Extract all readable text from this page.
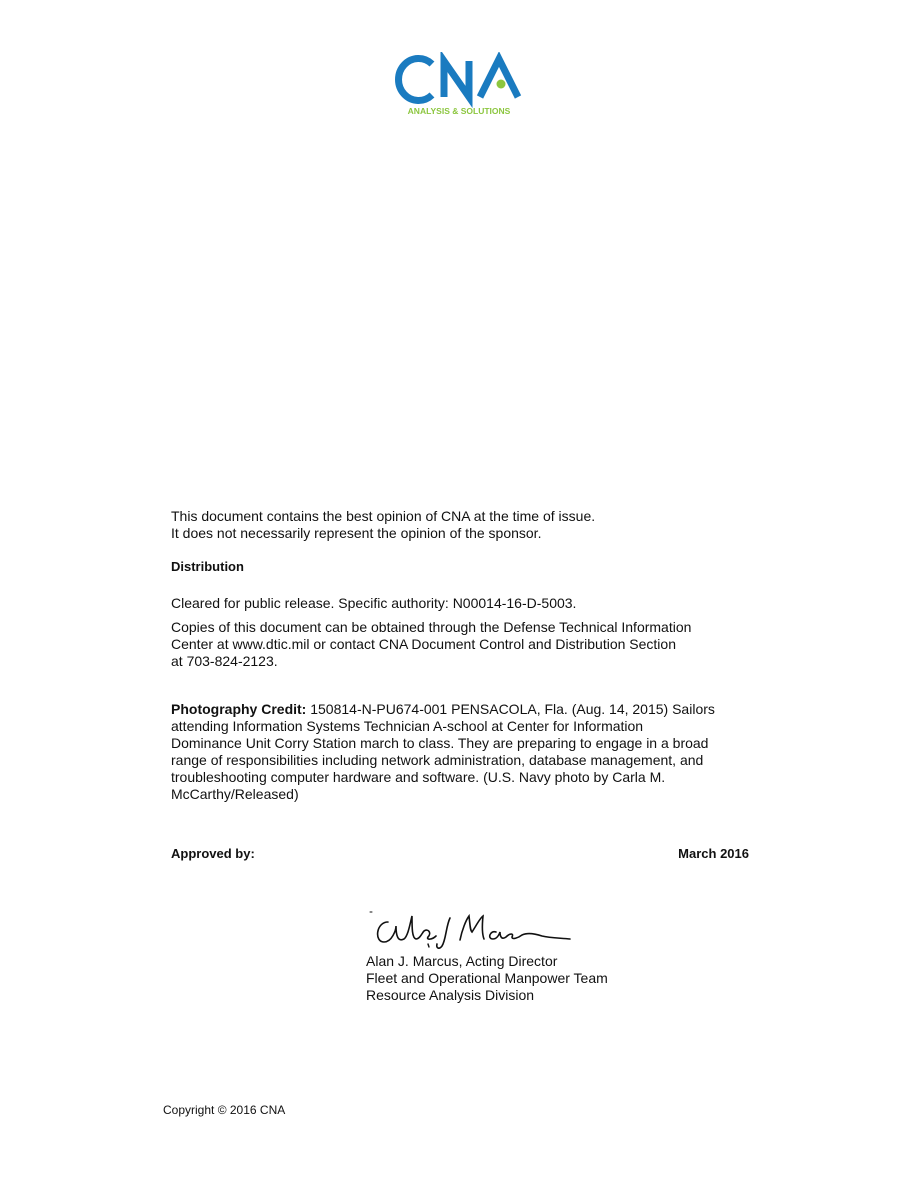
ANALYSIS & SOLUTIONS

This document contains the best opinion of CNA at the time of issue.

It does not necessarily represent the opinion of the sponsor.

Distribution

Cleared for public release. Specific authority: N00014-16-D-5003.

Copies of this document can be obtained through the Defense Technical Information

Center at www.dtic.mil or contact CNA Document Control and Distribution Section

at 703-824-2123.

Photography Credit: 150814-N-PU674-001 PENSACOLA, Fla. (Aug. 14, 2015) Sailors

attending Information Systems Technician A-school at Center for Information

Dominance Unit Corry Station march to class. They are preparing to engage in a broad

range of responsibilities including network administration, database management, and

troubleshooting computer hardware and software. (U.S. Navy photo by Carla M.

McCarthy/Released)

Approved by:	March 2016
Alan J. Marcus, Acting Director
Fleet and Operational Manpower Team
Resource Analysis Division
Copyright © 2016 CNA
